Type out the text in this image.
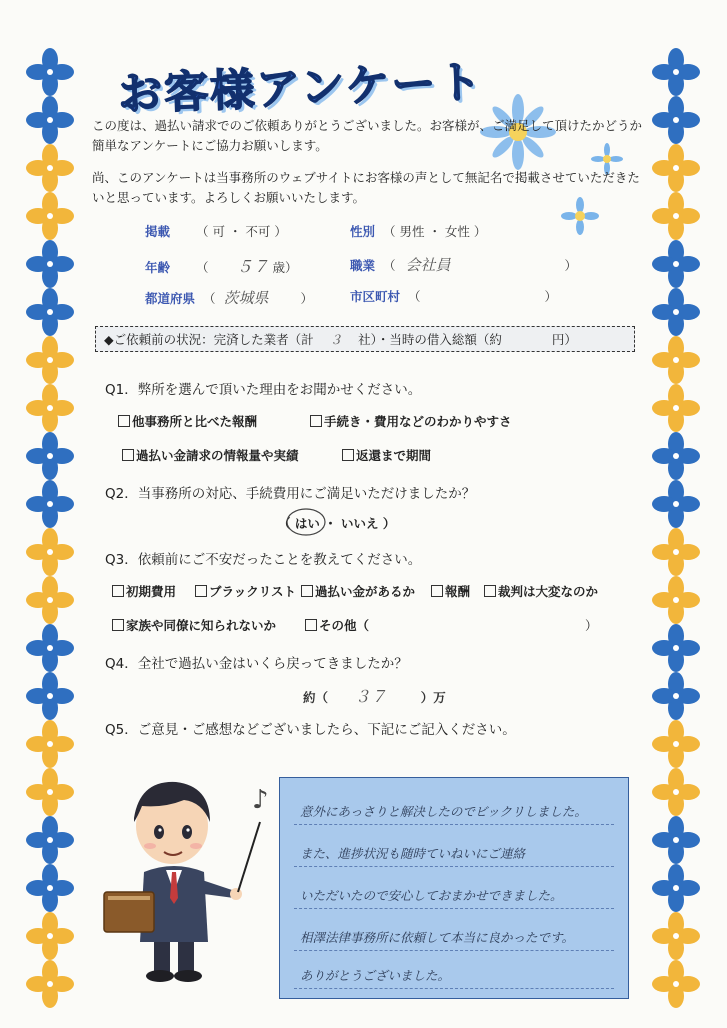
お客様アンケート
この度は、過払い請求でのご依頼ありがとうございました。お客様が、ご満足して頂けたかどうか簡単なアンケートにご協力お願いします。
尚、このアンケートは当事務所のウェブサイトにお客様の声として無記名で掲載させていただきたいと思っています。よろしくお願いいたします。
掲載 （ 可 ・ 不可 ）	性別 （ 男性 ・ 女性 ）
年齢 （ ５７ 歳）	職業 （ 会社員	）
都道府県 （ 茨城県	）	市区町村 （	）
◆ご依頼前の状況：完済した業者（計 ３ 社）・当時の借入総額（約	円）
Q1．弊所を選んで頂いた理由をお聞かせください。
他事務所と比べた報酬	手続き・費用などのわかりやすさ
過払い金請求の情報量や実績	返還まで期間
Q2．当事務所の対応、手続費用にご満足いただけましたか？
（ はい ・ いいえ ）
Q3．依頼前にご不安だったことを教えてください。
初期費用	ブラックリスト	過払い金があるか	報酬	裁判は大変なのか
家族や同僚に知られないか	その他（	）
Q4．全社で過払い金はいくら戻ってきましたか？
約（ ３７	）万
Q5．ご意見・ご感想などございましたら、下記にご記入ください。
♪	意外にあっさりと解決したのでビックリしました。
また、進捗状況も随時ていねいにご連絡
いただいたので安心しておまかせできました。
相澤法律事務所に依頼して本当に良かったです。
ありがとうございました。
